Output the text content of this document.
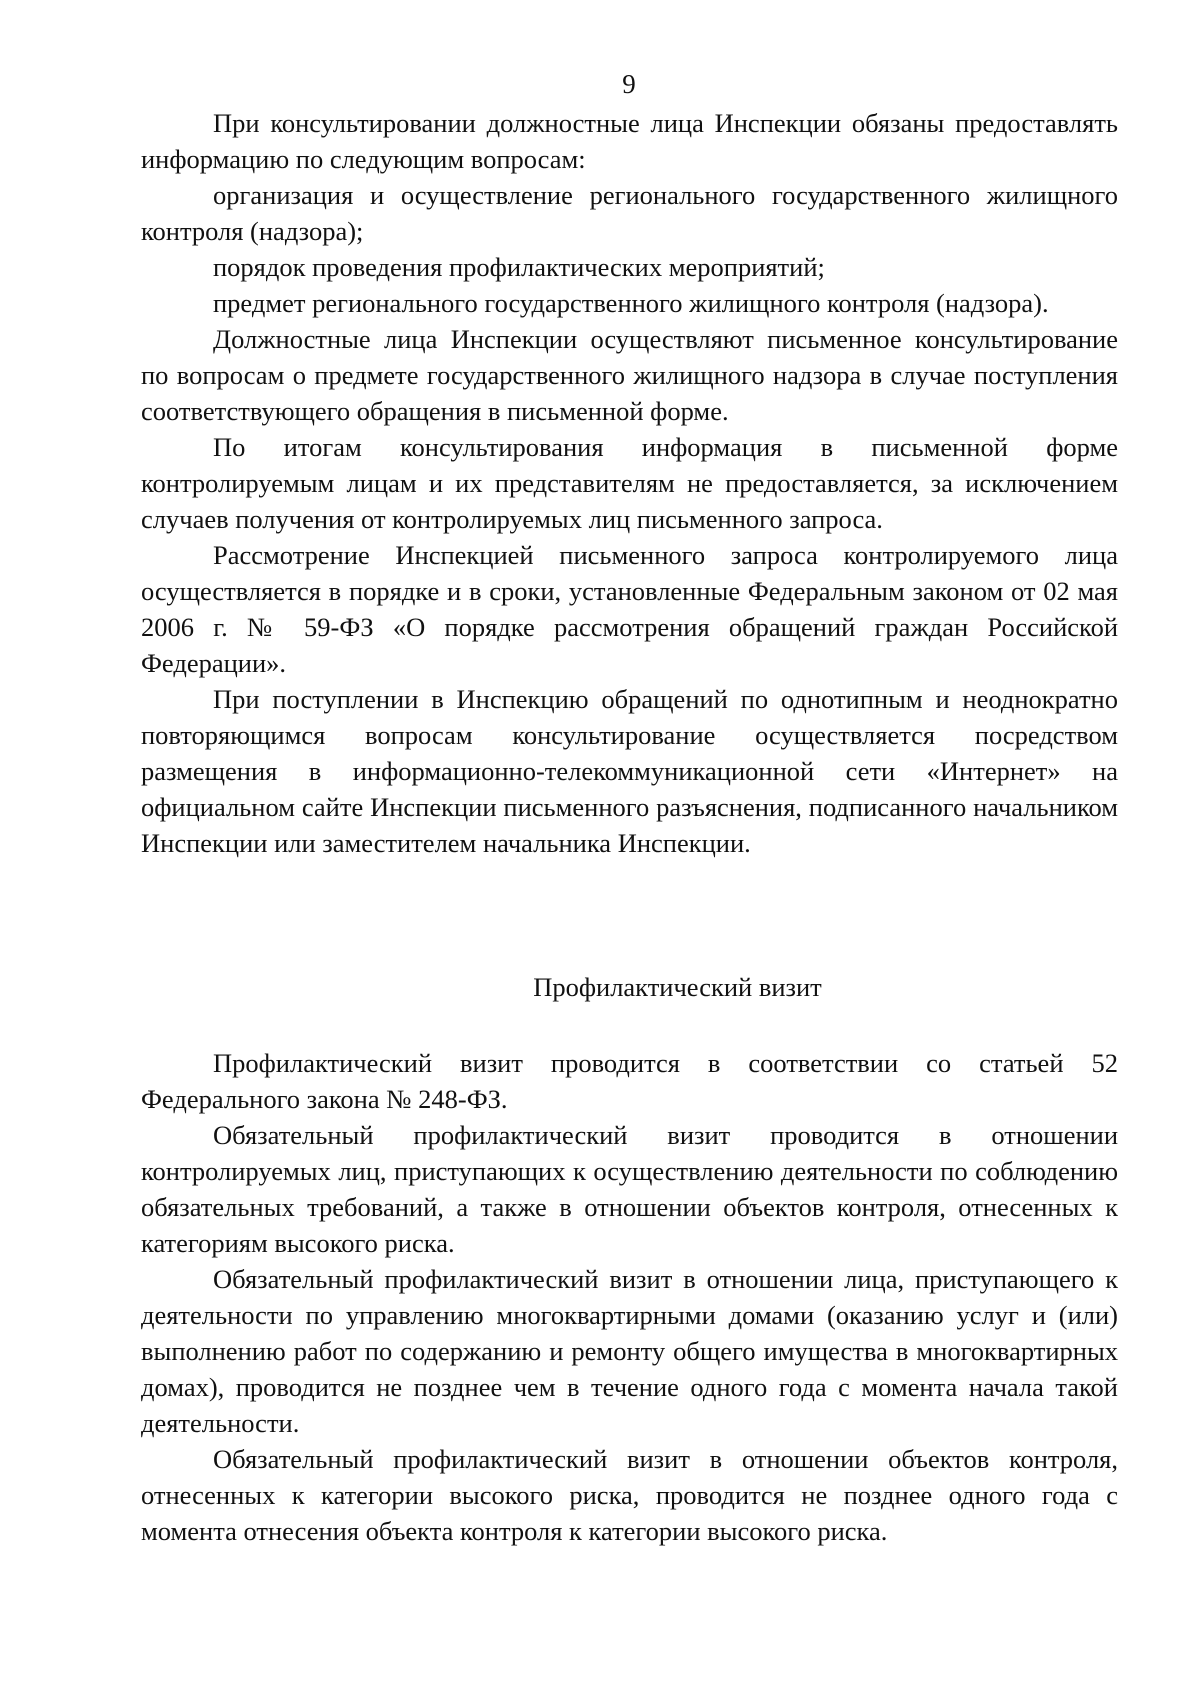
9

При консультировании должностные лица Инспекции обязаны предоставлять информацию по следующим вопросам:

организация и осуществление регионального государственного жилищного контроля (надзора);

порядок проведения профилактических мероприятий;

предмет регионального государственного жилищного контроля (надзора).

Должностные лица Инспекции осуществляют письменное консультирование по вопросам о предмете государственного жилищного надзора в случае поступления соответствующего обращения в письменной форме.

По итогам консультирования информация в письменной форме контролируемым лицам и их представителям не предоставляется, за исключением случаев получения от контролируемых лиц письменного запроса.

Рассмотрение Инспекцией письменного запроса контролируемого лица осуществляется в порядке и в сроки, установленные Федеральным законом от 02 мая 2006 г. № 59-ФЗ «О порядке рассмотрения обращений граждан Российской Федерации».

При поступлении в Инспекцию обращений по однотипным и неоднократно повторяющимся вопросам консультирование осуществляется посредством размещения в информационно-телекоммуникационной сети «Интернет» на официальном сайте Инспекции письменного разъяснения, подписанного начальником Инспекции или заместителем начальника Инспекции.

Профилактический визит

Профилактический визит проводится в соответствии со статьей 52 Федерального закона № 248-ФЗ.

Обязательный профилактический визит проводится в отношении контролируемых лиц, приступающих к осуществлению деятельности по соблюдению обязательных требований, а также в отношении объектов контроля, отнесенных к категориям высокого риска.

Обязательный профилактический визит в отношении лица, приступающего к деятельности по управлению многоквартирными домами (оказанию услуг и (или) выполнению работ по содержанию и ремонту общего имущества в многоквартирных домах), проводится не позднее чем в течение одного года с момента начала такой деятельности.

Обязательный профилактический визит в отношении объектов контроля, отнесенных к категории высокого риска, проводится не позднее одного года с момента отнесения объекта контроля к категории высокого риска.
